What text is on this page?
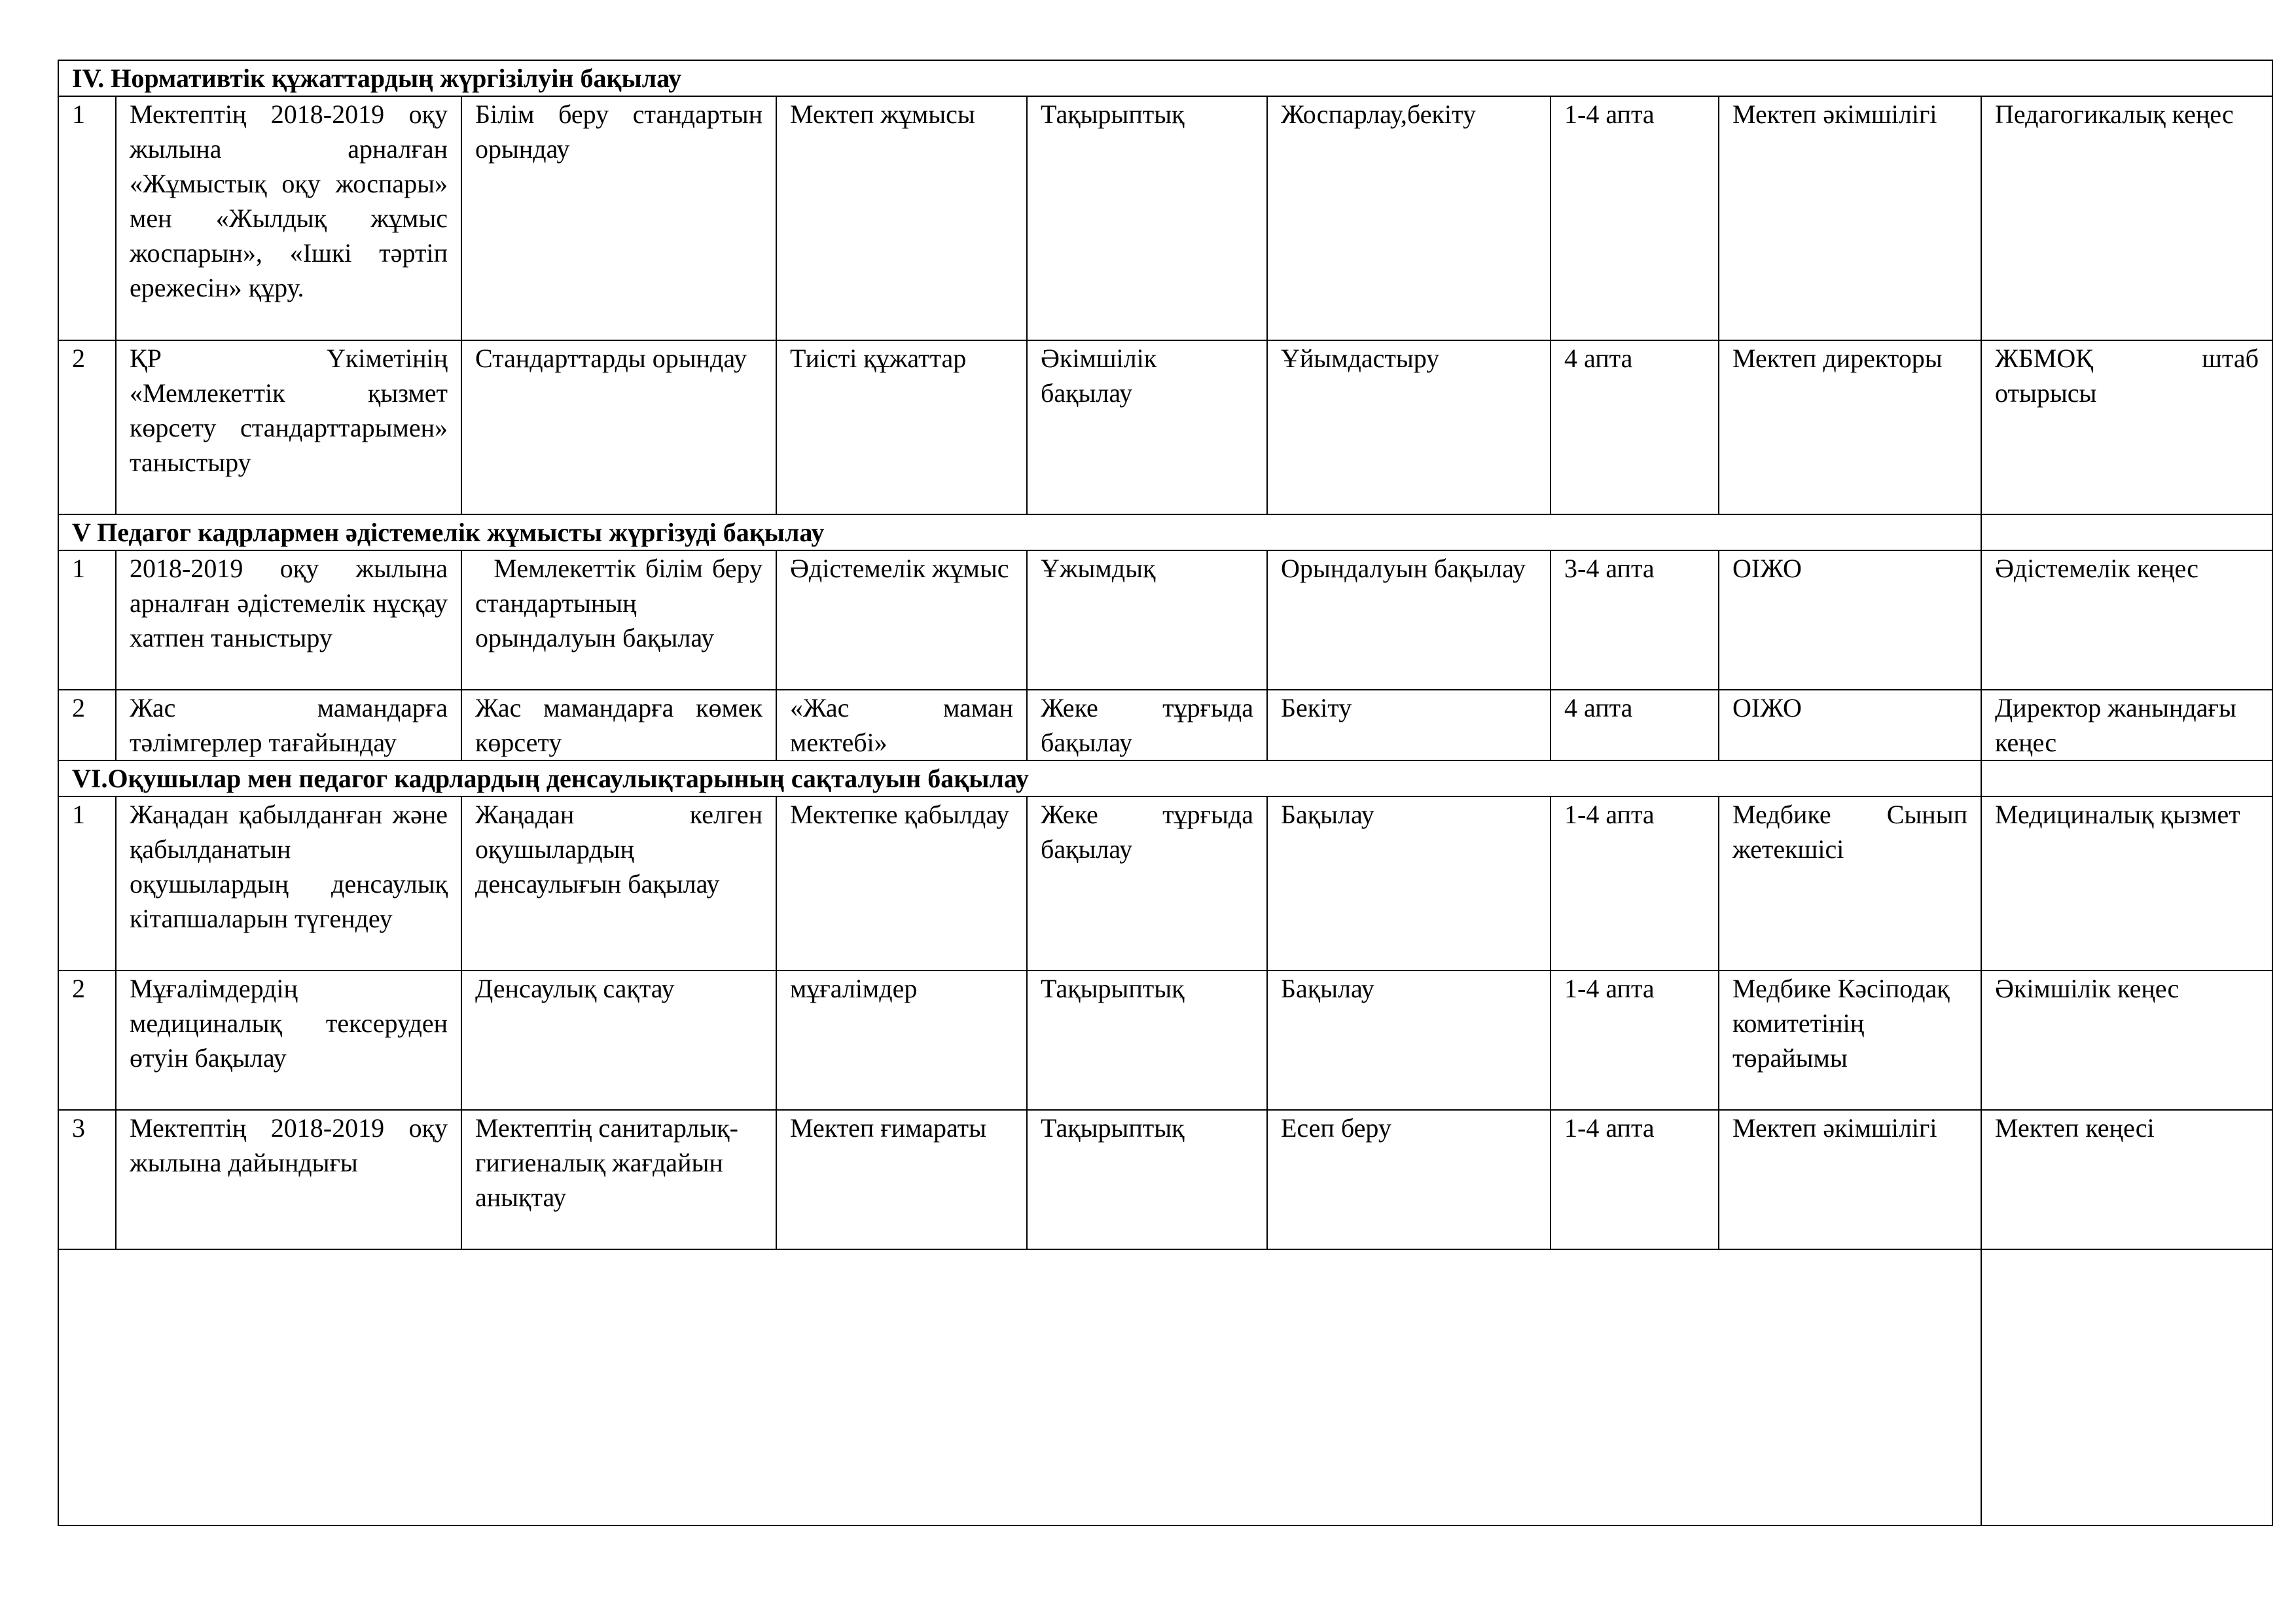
IV. Нормативтік құжаттардың жүргізілуін бақылау								
1	Мектептің 2018-2019 оқу жылына арналған «Жұмыстық оқу жоспары» мен «Жылдық жұмыс жоспарын», «Ішкі тәртіп ережесін» құру.	Білім беру стандартын орындау	Мектеп жұмысы	Тақырыптық	Жоспарлау,бекіту	1-4 апта	Мектеп әкімшілігі	Педагогикалық кеңес
2	ҚР Үкіметінің «Мемлекеттік қызмет көрсету стандарттарымен» таныстыру	Стандарттарды орындау	Тиісті құжаттар	Әкімшілік бақылау	Ұйымдастыру	4 апта	Мектеп директоры	ЖБМОҚ штаб отырысы
V Педагог кадрлармен әдістемелік жұмысты жүргізуді бақылау								
1	2018-2019 оқу жылына арналған әдістемелік нұсқау хатпен таныстыру	Мемлекеттік білім беру стандартының орындалуын бақылау	Әдістемелік жұмыс	Ұжымдық	Орындалуын бақылау	3-4 апта	ОІЖО	Әдістемелік кеңес
2	Жас мамандарға тәлімгерлер тағайындау	Жас мамандарға көмек көрсету	«Жас маман мектебі»	Жеке тұрғыда бақылау	Бекіту	4 апта	ОІЖО	Директор жанындағы кеңес
VI.Оқушылар мен педагог кадрлардың денсаулықтарының сақталуын бақылау								
1	Жаңадан қабылданған және қабылданатын оқушылардың денсаулық кітапшаларын түгендеу	Жаңадан келген оқушылардың денсаулығын бақылау	Мектепке қабылдау	Жеке тұрғыда бақылау	Бақылау	1-4 апта	Медбике Сынып жетекшісі	Медициналық қызмет
2	Мұғалімдердің медициналық тексеруден өтуін бақылау	Денсаулық сақтау	мұғалімдер	Тақырыптық	Бақылау	1-4 апта	Медбике Кәсіподақ комитетінің төрайымы	Әкімшілік кеңес
3	Мектептің 2018-2019 оқу жылына дайындығы	Мектептің санитарлық-гигиеналық жағдайын анықтау	Мектеп ғимараты	Тақырыптық	Есеп беру	1-4 апта	Мектеп әкімшілігі	Мектеп кеңесі
